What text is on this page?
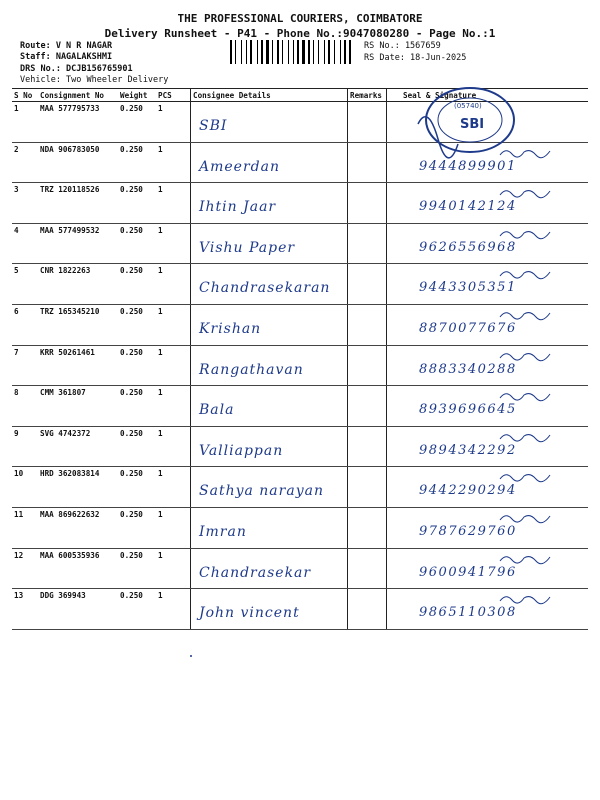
THE PROFESSIONAL COURIERS, COIMBATORE
Delivery Runsheet - P41 - Phone No.:9047080280 - Page No.:1
Route: V N R NAGAR
Staff: NAGALAKSHMI
DRS No.: DCJB156765901
Vehicle: Two Wheeler Delivery
RS No.: 1567659
RS Date: 18-Jun-2025
S No	Consignment No	Weight	PCS	Consignee Details	Remarks	Seal & Signature
1	MAA 577795733	0.250	1	SBI		

2	NDA 906783050	0.250	1	Ameerdan		9444899901

3	TRZ 120118526	0.250	1	Ihtin Jaar		9940142124

4	MAA 577499532	0.250	1	Vishu Paper		9626556968

5	CNR 1822263	0.250	1	Chandrasekaran		9443305351

6	TRZ 165345210	0.250	1	Krishan		8870077676

7	KRR 50261461	0.250	1	Rangathavan		8883340288

8	CMM 361807	0.250	1	Bala		8939696645

9	SVG 4742372	0.250	1	Valliappan		9894342292

10	HRD 362083814	0.250	1	Sathya narayan		9442290294

11	MAA 869622632	0.250	1	Imran		9787629760

12	MAA 600535936	0.250	1	Chandrasekar		9600941796

13	DDG 369943	0.250	1	John vincent		9865110308
SBI
(05740)
